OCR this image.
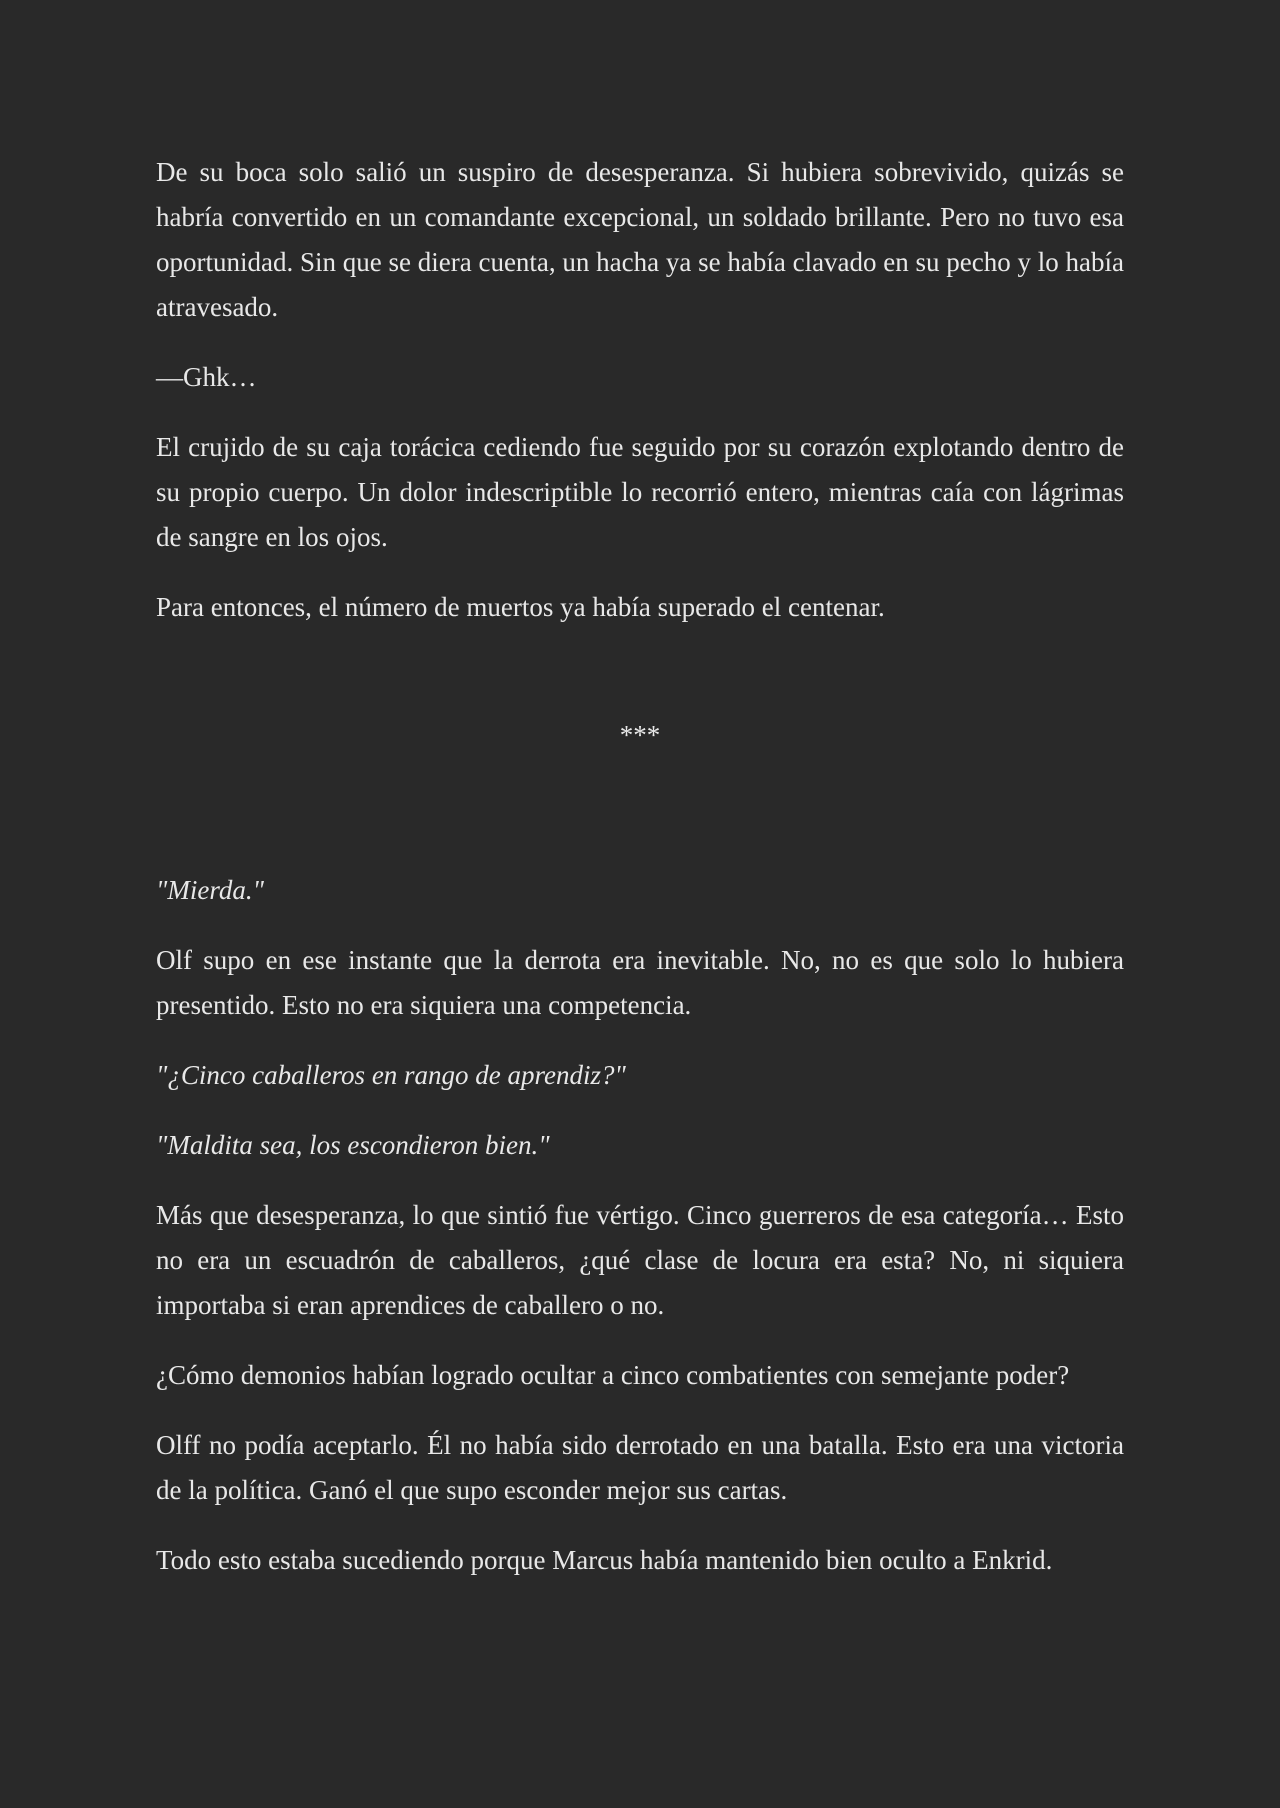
De su boca solo salió un suspiro de desesperanza. Si hubiera sobrevivido, quizás se habría convertido en un comandante excepcional, un soldado brillante. Pero no tuvo esa oportunidad. Sin que se diera cuenta, un hacha ya se había clavado en su pecho y lo había atravesado.

—Ghk…

El crujido de su caja torácica cediendo fue seguido por su corazón explotando dentro de su propio cuerpo. Un dolor indescriptible lo recorrió entero, mientras caía con lágrimas de sangre en los ojos.

Para entonces, el número de muertos ya había superado el centenar.

***

"Mierda."

Olf supo en ese instante que la derrota era inevitable. No, no es que solo lo hubiera presentido. Esto no era siquiera una competencia.

"¿Cinco caballeros en rango de aprendiz?"

"Maldita sea, los escondieron bien."

Más que desesperanza, lo que sintió fue vértigo. Cinco guerreros de esa categoría… Esto no era un escuadrón de caballeros, ¿qué clase de locura era esta? No, ni siquiera importaba si eran aprendices de caballero o no.

¿Cómo demonios habían logrado ocultar a cinco combatientes con semejante poder?

Olff no podía aceptarlo. Él no había sido derrotado en una batalla. Esto era una victoria de la política. Ganó el que supo esconder mejor sus cartas.

Todo esto estaba sucediendo porque Marcus había mantenido bien oculto a Enkrid.
